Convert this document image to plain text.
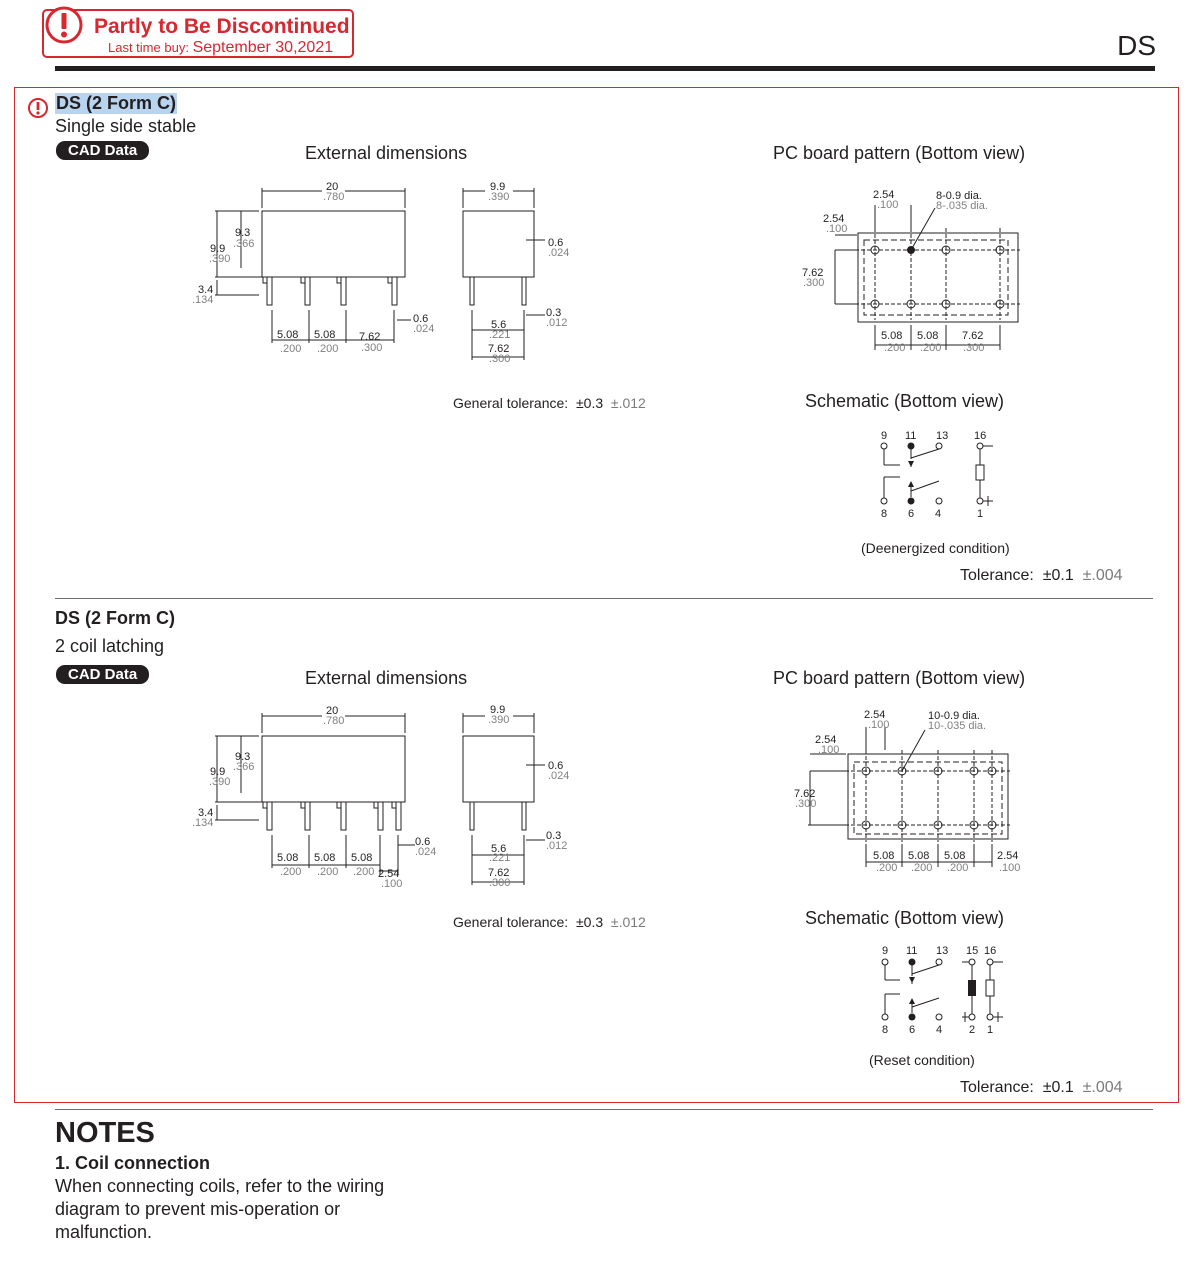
Partly to Be Discontinued
Last time buy: September 30,2021	DS
DS (2 Form C)
Single side stable
CAD Data	External dimensions	PC board pattern (Bottom view)
20
.780
9.3
.366
9.9
.390
3.4
.134
5.08
.200
5.08
.200
7.62
.300
0.6
.024
9.9
.390
0.6
.024
0.3
.012
5.6
.221
7.62
.300
2.54
.100
8-0.9 dia.
8-.035 dia.
2.54
.100
7.62
.300
5.08
.200
5.08
.200
7.62
.300
General tolerance: ±0.3 ±.012	Schematic (Bottom view)
9 11 13 16
8 6 4	1
(Deenergized condition)
Tolerance: ±0.1 ±.004
DS (2 Form C)
2 coil latching
CAD Data	External dimensions	PC board pattern (Bottom view)
20
.780
9.3
.366
9.9
.390
3.4
.134
5.08
.200
5.08
.200
5.08
.200 2.54
.100
0.6
.024
9.9
.390
0.6
.024
0.3
.012
5.6
.221
7.62
.300
2.54
.100
10-0.9 dia.
10-.035 dia.
2.54
.100
7.62
.300
5.08
.200
5.08
.200
5.08
.200
2.54
.100
General tolerance: ±0.3 ±.012	Schematic (Bottom view)
9 11 13 15 16
8 6 4 2 1
(Reset condition)
Tolerance: ±0.1 ±.004
NOTES
1. Coil connection
When connecting coils, refer to the wiring diagram to prevent mis-operation or malfunction.
